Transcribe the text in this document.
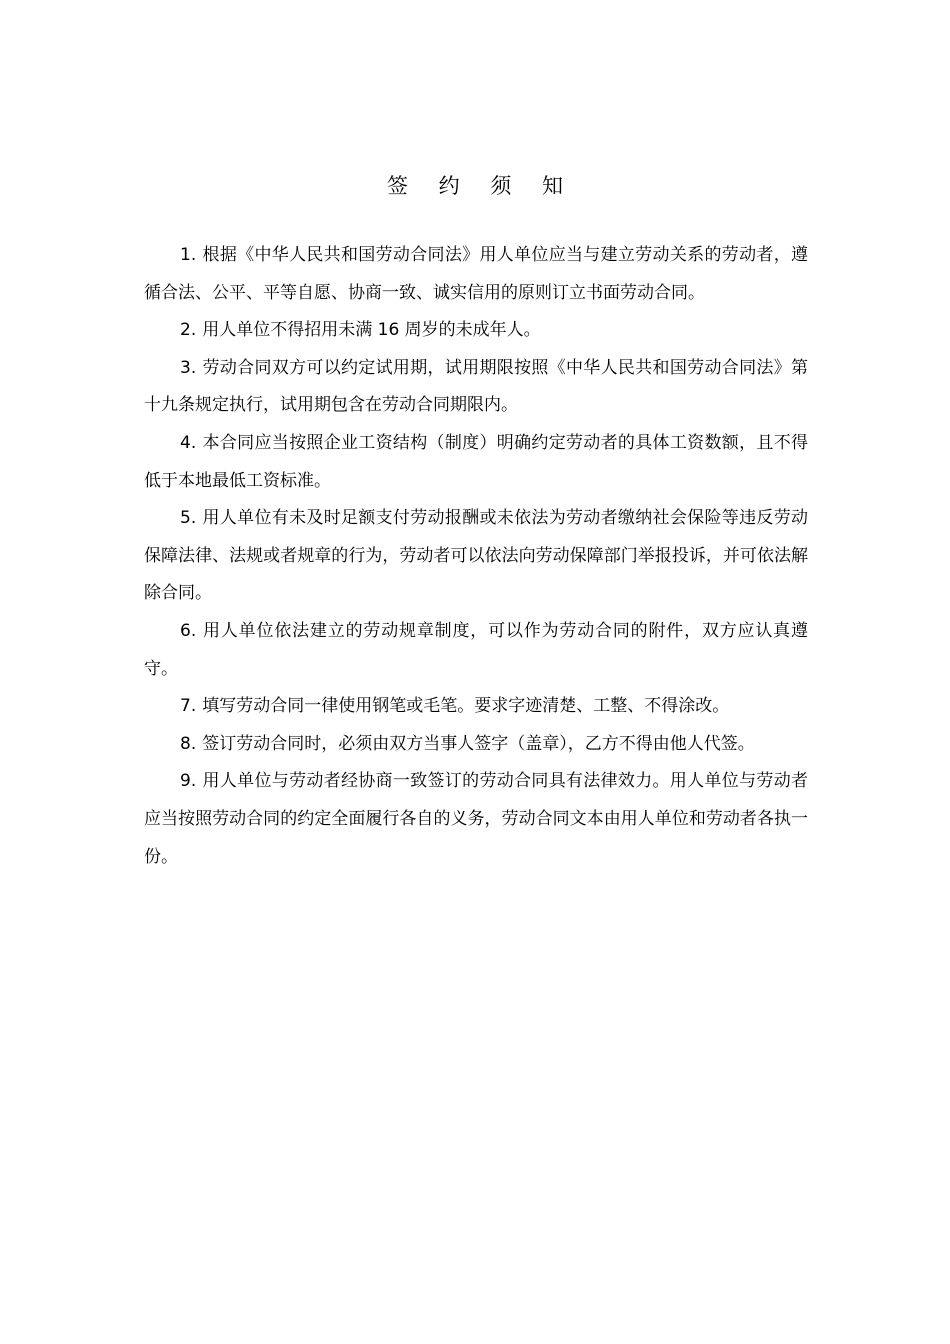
签 约 须 知

1. 根据《中华人民共和国劳动合同法》用人单位应当与建立劳动关系的劳动者，遵循合法、公平、平等自愿、协商一致、诚实信用的原则订立书面劳动合同。

2. 用人单位不得招用未满 16 周岁的未成年人。

3. 劳动合同双方可以约定试用期，试用期限按照《中华人民共和国劳动合同法》第十九条规定执行，试用期包含在劳动合同期限内。

4. 本合同应当按照企业工资结构（制度）明确约定劳动者的具体工资数额，且不得低于本地最低工资标准。

5. 用人单位有未及时足额支付劳动报酬或未依法为劳动者缴纳社会保险等违反劳动保障法律、法规或者规章的行为，劳动者可以依法向劳动保障部门举报投诉，并可依法解除合同。

6. 用人单位依法建立的劳动规章制度，可以作为劳动合同的附件，双方应认真遵守。

7. 填写劳动合同一律使用钢笔或毛笔。要求字迹清楚、工整、不得涂改。

8. 签订劳动合同时，必须由双方当事人签字（盖章），乙方不得由他人代签。

9. 用人单位与劳动者经协商一致签订的劳动合同具有法律效力。用人单位与劳动者应当按照劳动合同的约定全面履行各自的义务，劳动合同文本由用人单位和劳动者各执一份。
